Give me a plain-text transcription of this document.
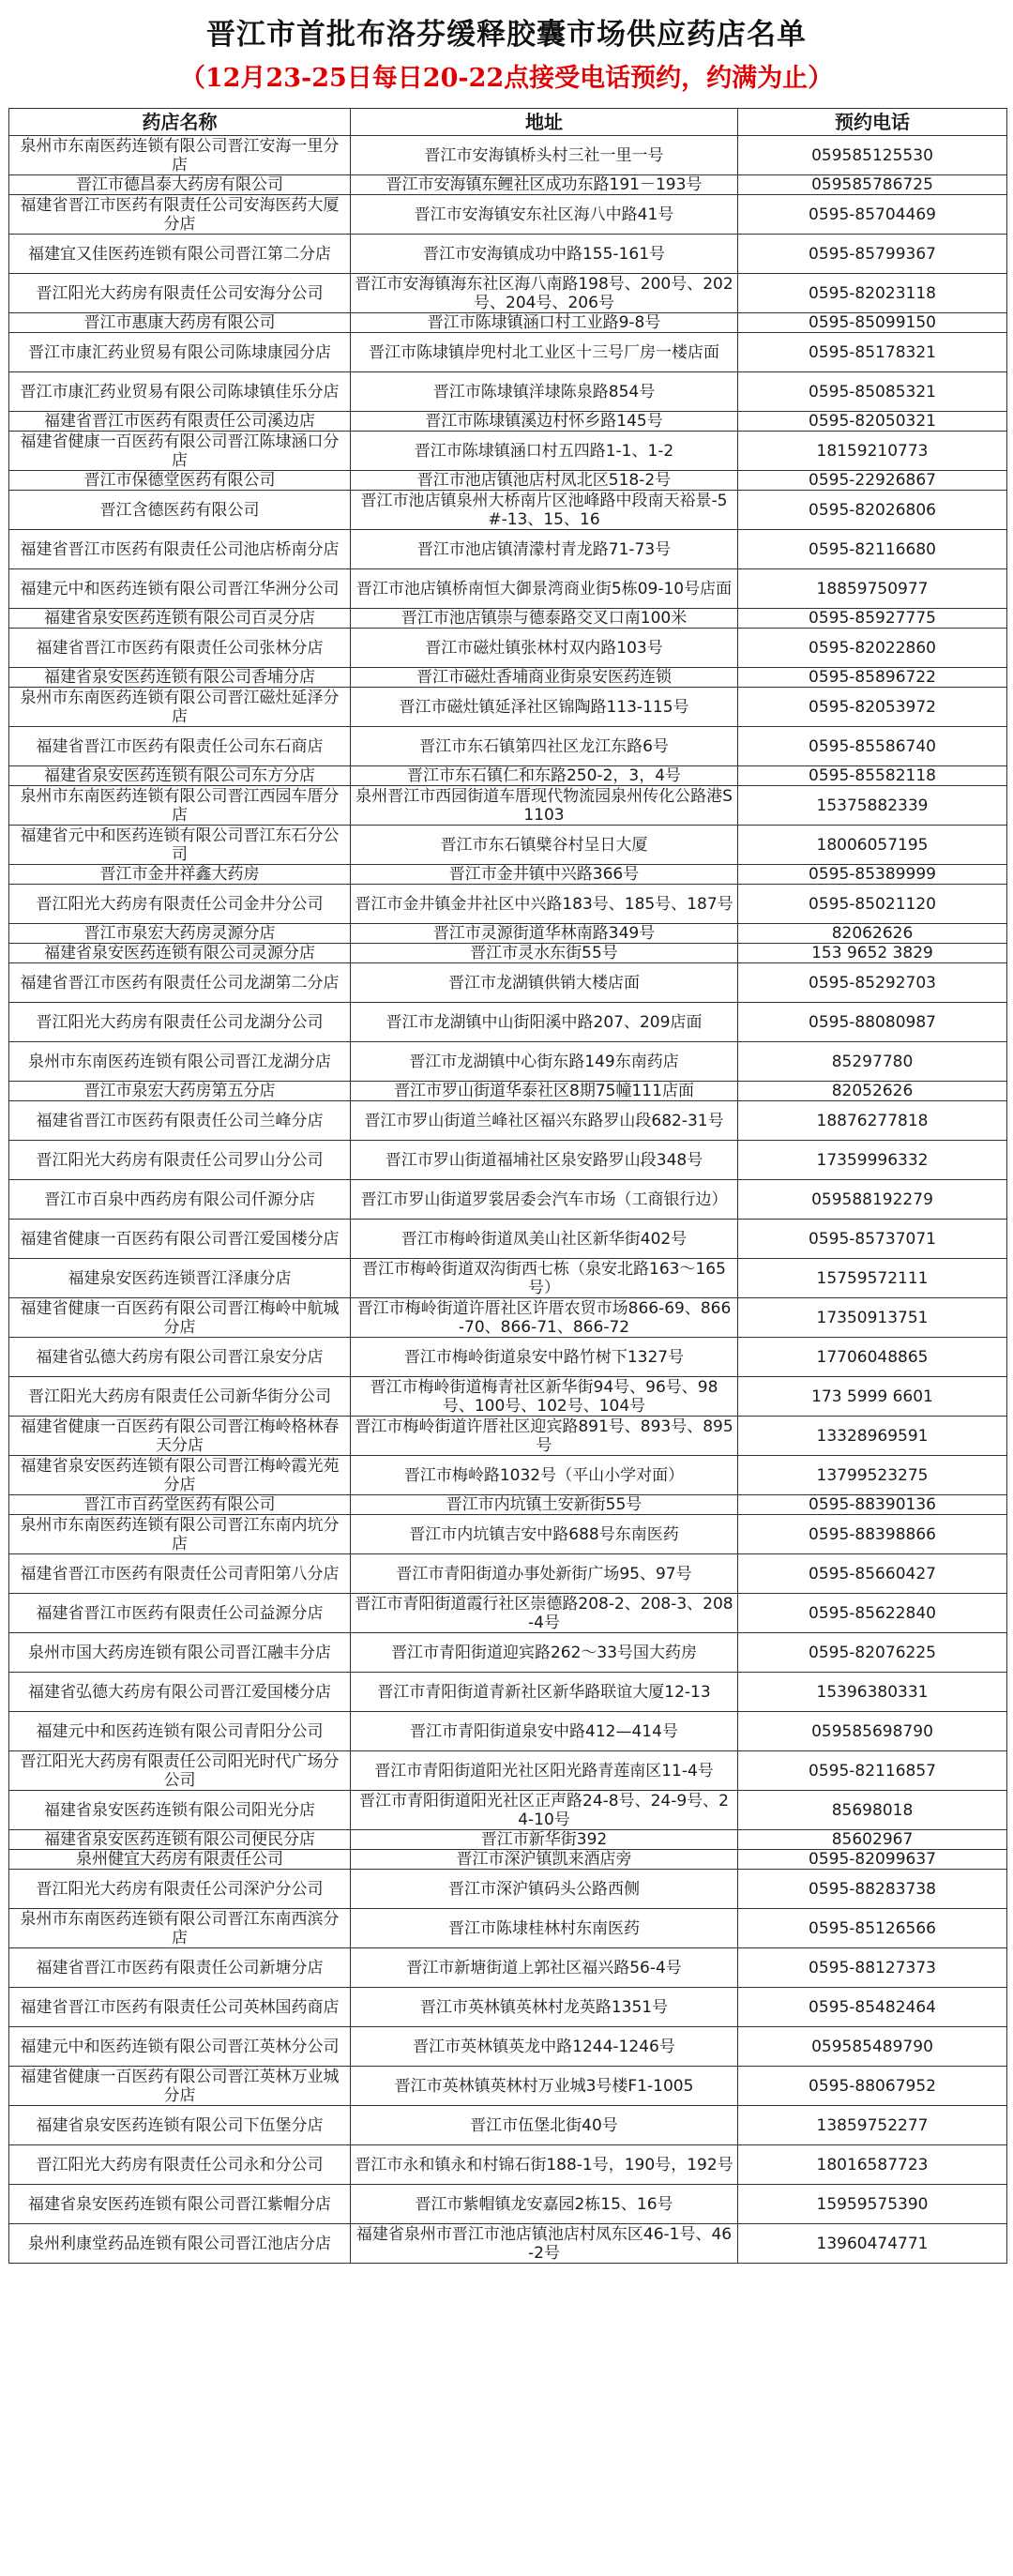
晋江市首批布洛芬缓释胶囊市场供应药店名单
（12月23-25日每日20-22点接受电话预约，约满为止）
药店名称	地址	预约电话
泉州市东南医药连锁有限公司晋江安海一里分店	晋江市安海镇桥头村三社一里一号	059585125530
晋江市德昌泰大药房有限公司	晋江市安海镇东鲤社区成功东路191－193号	059585786725
福建省晋江市医药有限责任公司安海医药大厦分店	晋江市安海镇安东社区海八中路41号	0595-85704469
福建宜又佳医药连锁有限公司晋江第二分店	晋江市安海镇成功中路155-161号	0595-85799367
晋江阳光大药房有限责任公司安海分公司	晋江市安海镇海东社区海八南路198号、200号、202号、204号、206号	0595-82023118
晋江市惠康大药房有限公司	晋江市陈埭镇涵口村工业路9-8号	0595-85099150
晋江市康汇药业贸易有限公司陈埭康园分店	晋江市陈埭镇岸兜村北工业区十三号厂房一楼店面	0595-85178321
晋江市康汇药业贸易有限公司陈埭镇佳乐分店	晋江市陈埭镇洋埭陈泉路854号	0595-85085321
福建省晋江市医药有限责任公司溪边店	晋江市陈埭镇溪边村怀乡路145号	0595-82050321
福建省健康一百医药有限公司晋江陈埭涵口分店	晋江市陈埭镇涵口村五四路1-1、1-2	18159210773
晋江市保德堂医药有限公司	晋江市池店镇池店村凤北区518-2号	0595-22926867
晋江含德医药有限公司	晋江市池店镇泉州大桥南片区池峰路中段南天裕景-5#-13、15、16	0595-82026806
福建省晋江市医药有限责任公司池店桥南分店	晋江市池店镇清濛村青龙路71-73号	0595-82116680
福建元中和医药连锁有限公司晋江华洲分公司	晋江市池店镇桥南恒大御景湾商业街5栋09-10号店面	18859750977
福建省泉安医药连锁有限公司百灵分店	晋江市池店镇崇与德泰路交叉口南100米	0595-85927775
福建省晋江市医药有限责任公司张林分店	晋江市磁灶镇张林村双内路103号	0595-82022860
福建省泉安医药连锁有限公司香埔分店	晋江市磁灶香埔商业街泉安医药连锁	0595-85896722
泉州市东南医药连锁有限公司晋江磁灶延泽分店	晋江市磁灶镇延泽社区锦陶路113-115号	0595-82053972
福建省晋江市医药有限责任公司东石商店	晋江市东石镇第四社区龙江东路6号	0595-85586740
福建省泉安医药连锁有限公司东方分店	晋江市东石镇仁和东路250-2，3，4号	0595-85582118
泉州市东南医药连锁有限公司晋江西园车厝分店	泉州晋江市西园街道车厝现代物流园泉州传化公路港S1103	15375882339
福建省元中和医药连锁有限公司晋江东石分公司	晋江市东石镇檗谷村呈日大厦	18006057195
晋江市金井祥鑫大药房	晋江市金井镇中兴路366号	0595-85389999
晋江阳光大药房有限责任公司金井分公司	晋江市金井镇金井社区中兴路183号、185号、187号	0595-85021120
晋江市泉宏大药房灵源分店	晋江市灵源街道华林南路349号	82062626
福建省泉安医药连锁有限公司灵源分店	晋江市灵水东街55号	153 9652 3829
福建省晋江市医药有限责任公司龙湖第二分店	晋江市龙湖镇供销大楼店面	0595-85292703
晋江阳光大药房有限责任公司龙湖分公司	晋江市龙湖镇中山街阳溪中路207、209店面	0595-88080987
泉州市东南医药连锁有限公司晋江龙湖分店	晋江市龙湖镇中心街东路149东南药店	85297780
晋江市泉宏大药房第五分店	晋江市罗山街道华泰社区8期75幢111店面	82052626
福建省晋江市医药有限责任公司兰峰分店	晋江市罗山街道兰峰社区福兴东路罗山段682-31号	18876277818
晋江阳光大药房有限责任公司罗山分公司	晋江市罗山街道福埔社区泉安路罗山段348号	17359996332
晋江市百泉中西药房有限公司仟源分店	晋江市罗山街道罗裳居委会汽车市场（工商银行边）	059588192279
福建省健康一百医药有限公司晋江爱国楼分店	晋江市梅岭街道凤美山社区新华街402号	0595-85737071
福建泉安医药连锁晋江泽康分店	晋江市梅岭街道双沟街西七栋（泉安北路163～165号）	15759572111
福建省健康一百医药有限公司晋江梅岭中航城分店	晋江市梅岭街道许厝社区许厝农贸市场866-69、866-70、866-71、866-72	17350913751
福建省弘德大药房有限公司晋江泉安分店	晋江市梅岭街道泉安中路竹树下1327号	17706048865
晋江阳光大药房有限责任公司新华街分公司	晋江市梅岭街道梅青社区新华街94号、96号、98号、100号、102号、104号	173 5999 6601
福建省健康一百医药有限公司晋江梅岭格林春天分店	晋江市梅岭街道许厝社区迎宾路891号、893号、895号	13328969591
福建省泉安医药连锁有限公司晋江梅岭霞光苑分店	晋江市梅岭路1032号（平山小学对面）	13799523275
晋江市百药堂医药有限公司	晋江市内坑镇土安新街55号	0595-88390136
泉州市东南医药连锁有限公司晋江东南内坑分店	晋江市内坑镇吉安中路688号东南医药	0595-88398866
福建省晋江市医药有限责任公司青阳第八分店	晋江市青阳街道办事处新街广场95、97号	0595-85660427
福建省晋江市医药有限责任公司益源分店	晋江市青阳街道霞行社区崇德路208-2、208-3、208-4号	0595-85622840
泉州市国大药房连锁有限公司晋江融丰分店	晋江市青阳街道迎宾路262～33号国大药房	0595-82076225
福建省弘德大药房有限公司晋江爱国楼分店	晋江市青阳街道青新社区新华路联谊大厦12-13	15396380331
福建元中和医药连锁有限公司青阳分公司	晋江市青阳街道泉安中路412—414号	059585698790
晋江阳光大药房有限责任公司阳光时代广场分公司	晋江市青阳街道阳光社区阳光路青莲南区11-4号	0595-82116857
福建省泉安医药连锁有限公司阳光分店	晋江市青阳街道阳光社区正声路24-8号、24-9号、24-10号	85698018
福建省泉安医药连锁有限公司便民分店	晋江市新华街392	85602967
泉州健宜大药房有限责任公司	晋江市深沪镇凯来酒店旁	0595-82099637
晋江阳光大药房有限责任公司深沪分公司	晋江市深沪镇码头公路西侧	0595-88283738
泉州市东南医药连锁有限公司晋江东南西滨分店	晋江市陈埭桂林村东南医药	0595-85126566
福建省晋江市医药有限责任公司新塘分店	晋江市新塘街道上郭社区福兴路56-4号	0595-88127373
福建省晋江市医药有限责任公司英林国药商店	晋江市英林镇英林村龙英路1351号	0595-85482464
福建元中和医药连锁有限公司晋江英林分公司	晋江市英林镇英龙中路1244-1246号	059585489790
福建省健康一百医药有限公司晋江英林万业城分店	晋江市英林镇英林村万业城3号楼F1-1005	0595-88067952
福建省泉安医药连锁有限公司下伍堡分店	晋江市伍堡北街40号	13859752277
晋江阳光大药房有限责任公司永和分公司	晋江市永和镇永和村锦石街188-1号，190号，192号	18016587723
福建省泉安医药连锁有限公司晋江紫帽分店	晋江市紫帽镇龙安嘉园2栋15、16号	15959575390
泉州利康堂药品连锁有限公司晋江池店分店	福建省泉州市晋江市池店镇池店村凤东区46-1号、46-2号	13960474771
